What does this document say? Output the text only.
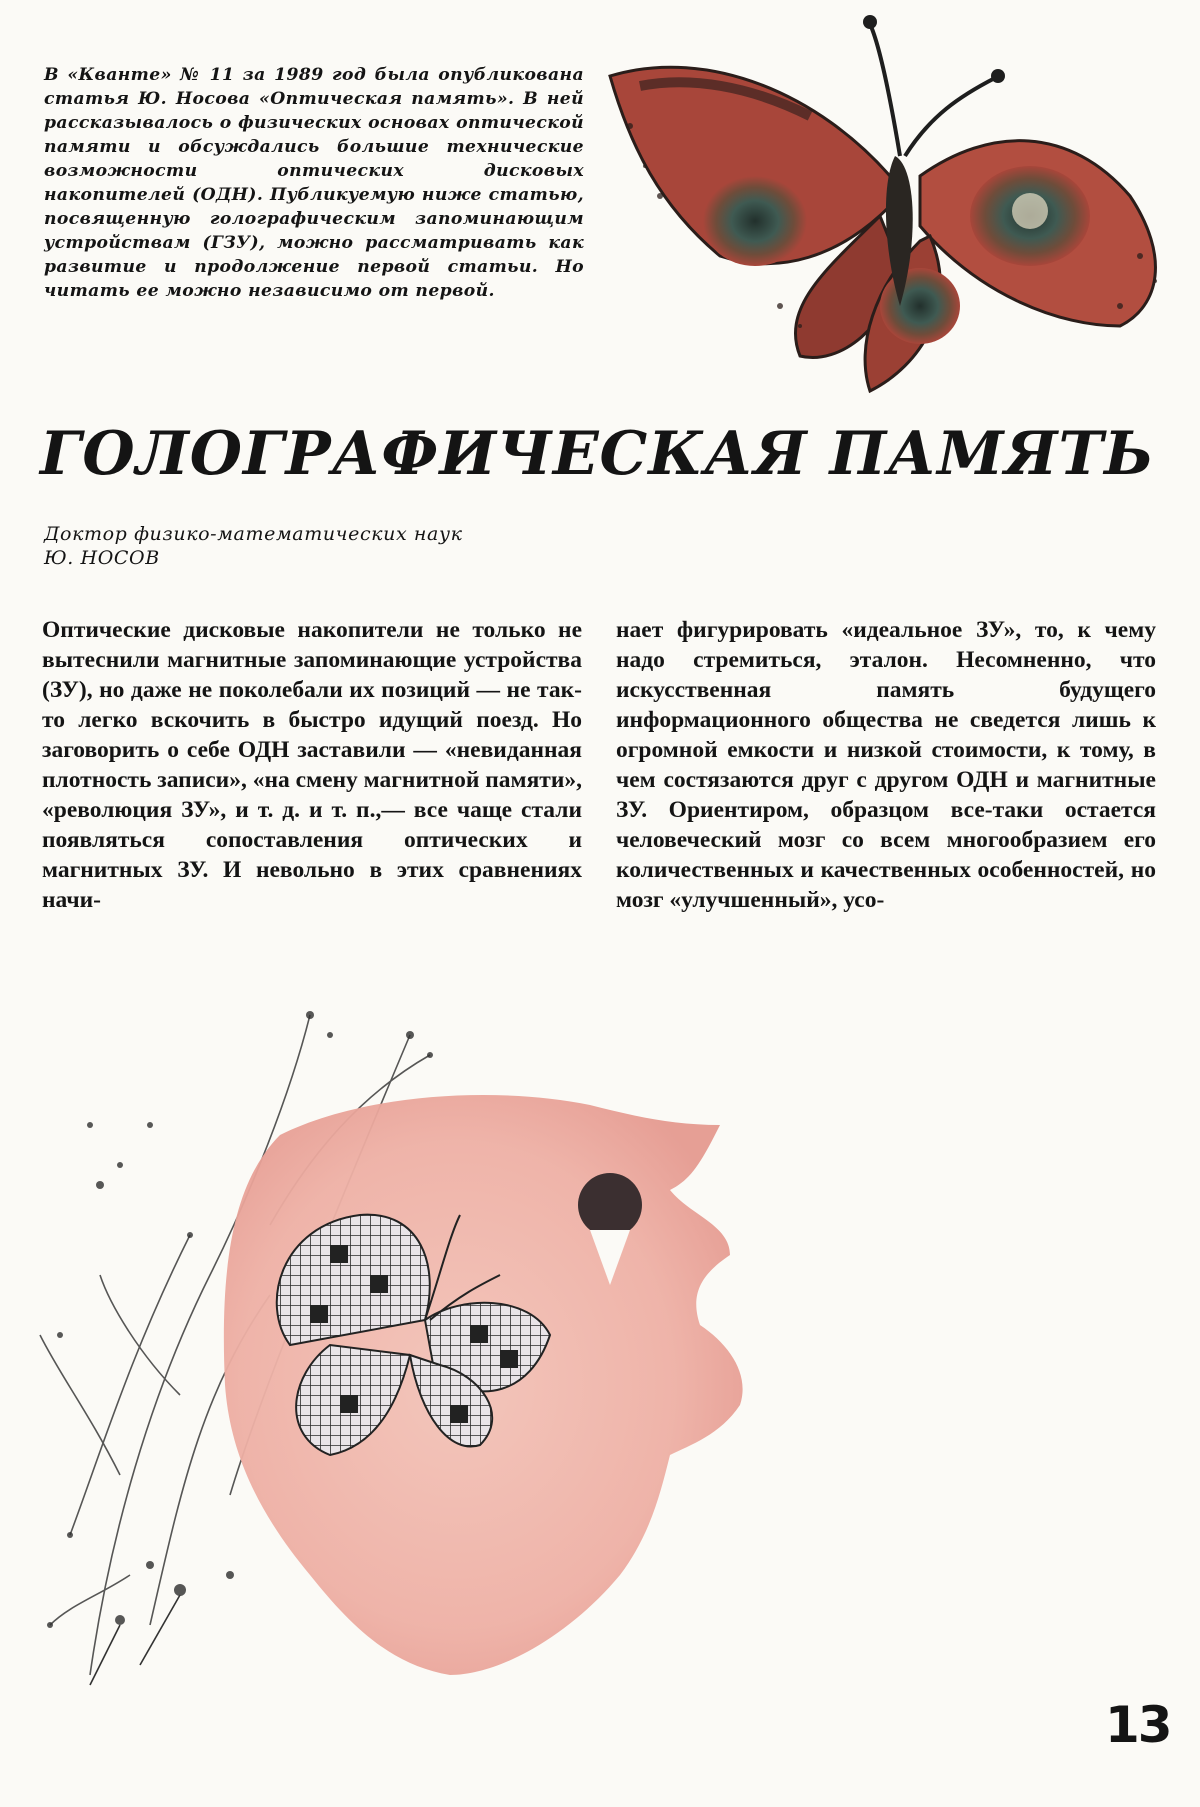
В «Кванте» № 11 за 1989 год была опубликована статья Ю. Носова «Оптическая память». В ней рассказывалось о физических основах оптической памяти и обсуждались большие технические возможности оптических дисковых накопителей (ОДН). Публикуемую ниже статью, посвященную голографическим запоминающим устройствам (ГЗУ), можно рассматривать как развитие и продолжение первой статьи. Но читать ее можно независимо от первой.

ГОЛОГРАФИЧЕСКАЯ ПАМЯТЬ
Доктор физико-математических наук
Ю. НОСОВ

Оптические дисковые накопители не только не вытеснили магнитные запоминающие устройства (ЗУ), но даже не поколебали их позиций — не так-то легко вскочить в быстро идущий поезд. Но заговорить о себе ОДН заставили — «невиданная плотность записи», «на смену магнитной памяти», «революция ЗУ», и т. д. и т. п.,— все чаще стали появляться сопоставления оптических и магнитных ЗУ. И невольно в этих сравнениях начи-

нает фигурировать «идеальное ЗУ», то, к чему надо стремиться, эталон. Несомненно, что искусственная память будущего информационного общества не сведется лишь к огромной емкости и низкой стоимости, к тому, в чем состязаются друг с другом ОДН и магнитные ЗУ. Ориентиром, образцом все-таки остается человеческий мозг со всем многообразием его количественных и качественных особенностей, но мозг «улучшенный», усо-

13
